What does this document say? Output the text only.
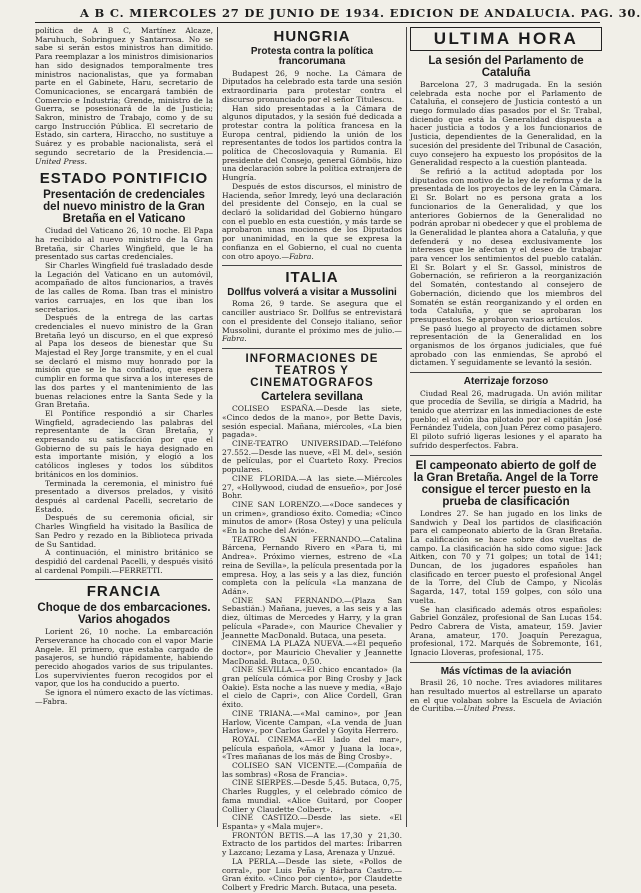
A B C. MIERCOLES 27 DE JUNIO DE 1934. EDICION DE ANDALUCIA. PAG. 30.

política de A B C, Martínez Alcaze, Maruhuch, Sobringuez y Santarrosa. No se sabe si serán estos ministros han dimitido. Para reemplazar a los ministros dimisionarios han sido designados temporalmente tres ministros nacionalistas, que ya formaban parte en el Gabinete, Haru, secretario de Comunicaciones, se encargará también de Comercio e Industria; Grende, ministro de la Guerra, se posesionará de la de Justicia; Sakron, ministro de Trabajo, como y de su cargo Instrucción Pública. El secretario de Estado, sin cartera, Hiraccho, no sustituye a Suárez y es probable nacionalista, será el segundo secretario de la Presidencia.— United Press.

ESTADO PONTIFICIO
Presentación de credenciales del nuevo ministro de la Gran Bretaña en el Vaticano

Ciudad del Vaticano 26, 10 noche. El Papa ha recibido al nuevo ministro de la Gran Bretaña, sir Charles Wingfield, que le ha presentado sus cartas credenciales.

Sir Charles Wingfield fué trasladado desde la Legación del Vaticano en un automóvil, acompañado de altos funcionarios, a través de las calles de Roma. Iban tras el ministro varios carruajes, en los que iban los secretarios.

Después de la entrega de las cartas credenciales el nuevo ministro de la Gran Bretaña leyó un discurso, en el que expresó al Papa los deseos de bienestar que Su Majestad el Rey Jorge transmite, y en el cual se declaró el mismo muy honrado por la misión que se le ha confiado, que espera cumplir en forma que sirva a los intereses de las dos partes y el mantenimiento de las buenas relaciones entre la Santa Sede y la Gran Bretaña.

El Pontífice respondió a sir Charles Wingfield, agradeciendo las palabras del representante de la Gran Bretaña, y expresando su satisfacción por que el Gobierno de su país le haya designado en esta importante misión, y elogió a los católicos ingleses y todos los súbditos británicos en los dominios.

Terminada la ceremonia, el ministro fué presentado a diversos prelados, y visitó después al cardenal Pacelli, secretario de Estado.

Después de su ceremonia oficial, sir Charles Wingfield ha visitado la Basílica de San Pedro y rezado en la Biblioteca privada de Su Santidad.

A continuación, el ministro británico se despidió del cardenal Pacelli, y después visitó al cardenal Pompili.—FERRETTI.

FRANCIA
Choque de dos embarcaciones. Varios ahogados

Lorient 26, 10 noche. La embarcación Perseverance ha chocado con el vapor Marie Angele. El primero, que estaba cargado de pasajeros, se hundió rápidamente, habiendo perecido ahogados varios de sus tripulantes. Los supervivientes fueron recogidos por el vapor, que los ha conducido a puerto.

Se ignora el número exacto de las víctimas.—Fabra.

HUNGRIA
Protesta contra la política francorumana

Budapest 26, 9 noche. La Cámara de Diputados ha celebrado esta tarde una sesión extraordinaria para protestar contra el discurso pronunciado por el señor Titulescu.

Han sido presentadas a la Cámara de algunos diputados, y la sesión fué dedicada a protestar contra la política francesa en la Europa central, pidiendo la unión de los representantes de todos los partidos contra la política de Checoslovaquia y Rumania. El presidente del Consejo, general Gömbös, hizo una declaración sobre la política extranjera de Hungría.

Después de estos discursos, el ministro de Hacienda, señor Imredy, leyó una declaración del presidente del Consejo, en la cual se declaró la solidaridad del Gobierno húngaro con el pueblo en esta cuestión, y más tarde se aprobaron unas mociones de los Diputados por unanimidad, en la que se expresa la confianza en el Gobierno, el cual no cuenta con otro apoyo.—Fabra.

ITALIA
Dollfus volverá a visitar a Mussolini

Roma 26, 9 tarde. Se asegura que el canciller austriaco Sr. Dollfus se entrevistará con el presidente del Consejo italiano, señor Mussolini, durante el próximo mes de julio.—Fabra.

INFORMACIONES DE TEATROS Y CINEMATOGRAFOS
Cartelera sevillana

COLISEO ESPAÑA.—Desde las siete, «Cinco dedos de la mano», por Bette Davis, sesión especial. Mañana, miércoles, «La bien pagada».

CINE-TEATRO UNIVERSIDAD.—Teléfono 27.552.—Desde las nueve, «El M. del», sesión de películas, por el Cuarteto Roxy. Precios populares.

CINE FLORIDA.—A las siete.—Miércoles 27, «Hollywood, ciudad de ensueño», por José Bohr.

CINE SAN LORENZO.—«Doce sandeces y un crimen», grandioso éxito. Comedia; «Cinco minutos de amor» (Rosa Ostey) y una película «En la noche del Avión».

TEATRO SAN FERNANDO.—Catalina Bárcena, Fernando Rivero en «Para ti, mi Andrea». Próximo viernes, estreno de «La reina de Sevilla», la película presentada por la empresa. Hoy, a las seis y a las diez, función completa con la película «La manzana de Adán».

CINE SAN FERNANDO.—(Plaza San Sebastián.) Mañana, jueves, a las seis y a las diez, últimas de Mercedes y Harry, y la gran película «Parade», con Maurice Chevalier y Jeannette MacDonald. Butaca, una peseta.

CINEMA LA PLAZA NUEVA.—«El pequeño doctor», por Mauricio Chevalier y Jeannette MacDonald. Butaca, 0,50.

CINE SEVILLA.—«El chico encantado» (la gran película cómica por Bing Crosby y Jack Oakie). Esta noche a las nueve y media, «Bajo el cielo de Capri», con Alice Cordell, Gran éxito.

CINE TRIANA.—«Mal camino», por Jean Harlow, Vicente Campan, «La venda de Juan Harlow», por Carlos Gardel y Goyita Herrero.

ROYAL CINEMA.—«El lado del mar», película española, «Amor y Juana la loca», «Tres mañanas de los más de Bing Crosby».

COLISEO SAN VICENTE.—(Compañía de las sombras) «Rosa de Francia».

CINE SIERPES.—Desde 5,45. Butaca, 0,75, Charles Ruggles, y el celebrado cómico de fama mundial. «Alice Guitard, por Cooper Collier y Claudette Colbert».

CINE CASTIZO.—Desde las siete. «El Espanta» y «Mala mujer».

FRONTÓN BETIS.—A las 17,30 y 21,30. Extracto de los partidos del martes: Iribarren y Lazcano; Lezama y Lasa, Arenaza y Unzué.

LA PERLA.—Desde las siete, «Pollos de corral», por Luis Peña y Bárbara Castro.—Gran éxito. «Cinco por ciento», por Claudette Colbert y Fredric March. Butaca, una peseta.

ULTIMA HORA
La sesión del Parlamento de Cataluña

Barcelona 27, 3 madrugada. En la sesión celebrada esta noche por el Parlamento de Cataluña, el consejero de Justicia contestó a un ruego formulado días pasados por el Sr. Trabal, diciendo que está la Generalidad dispuesta a hacer justicia a todos y a los funcionarios de Justicia, dependientes de la Generalidad, en la sucesión del presidente del Tribunal de Casación, cuyo consejero ha expuesto los propósitos de la Generalidad respecto a la cuestión planteada.

Se refirió a la actitud adoptada por los diputados con motivo de la ley de reforma y de la presentada de los proyectos de ley en la Cámara. El Sr. Bolart no es persona grata a los funcionarios de la Generalidad, y que los anteriores Gobiernos de la Generalidad no podrán aprobar ni obedecer y que el problema de la Generalidad le plantea ahora a Cataluña, y que defenderá y no desea exclusivamente los intereses que le afectan y el deseo de trabajar para vencer los sentimientos del pueblo catalán. El Sr. Bolart y el Sr. Gassol, ministros de Gobernación, se refirieron a la reorganización del Somatén, contestando al consejero de Gobernación, diciendo que los miembros del Somatén se están reorganizando y el orden en toda Cataluña, y que se aprobaran los presupuestos. Se aprobaron varios artículos.

Se pasó luego al proyecto de dictamen sobre representación de la Generalidad en los organismos de los órganos judiciales, que fué aprobado con las enmiendas, Se aprobó el dictamen. Y seguidamente se levantó la sesión.

Aterrizaje forzoso

Ciudad Real 26, madrugada. Un avión militar que procedía de Sevilla, se dirigía a Madrid, ha tenido que aterrizar en las inmediaciones de este pueblo; el avión iba pilotado por el capitán José Fernández Tudela, con Juan Pérez como pasajero. El piloto sufrió ligeras lesiones y el aparato ha sufrido desperfectos. Fabra.

El campeonato abierto de golf de la Gran Bretaña. Angel de la Torre consigue el tercer puesto en la prueba de clasificación

Londres 27. Se han jugado en los links de Sandwich y Deal los partidos de clasificación para el campeonato abierto de la Gran Bretaña. La calificación se hace sobre dos vueltas de campo. La clasificación ha sido como sigue: Jack Aitken, con 70 y 71 golpes; un total de 141; Duncan, de los jugadores españoles han clasificado en tercer puesto el profesional Angel de la Torre, del Club de Campo, y Nicolás Sagarda, 147, total 159 golpes, con sólo una vuelta.

Se han clasificado además otros españoles: Gabriel González, profesional de San Lucas 154. Pedro Cabrera de Vista, amateur, 159. Javier Arana, amateur, 170. Joaquín Perezagua, profesional, 172. Marqués de Sobremonte, 161, Ignacio Lloveras, profesional, 175.

Más víctimas de la aviación

Brasil 26, 10 noche. Tres aviadores militares han resultado muertos al estrellarse un aparato en el que volaban sobre la Escuela de Aviación de Curitiba.—United Press.
